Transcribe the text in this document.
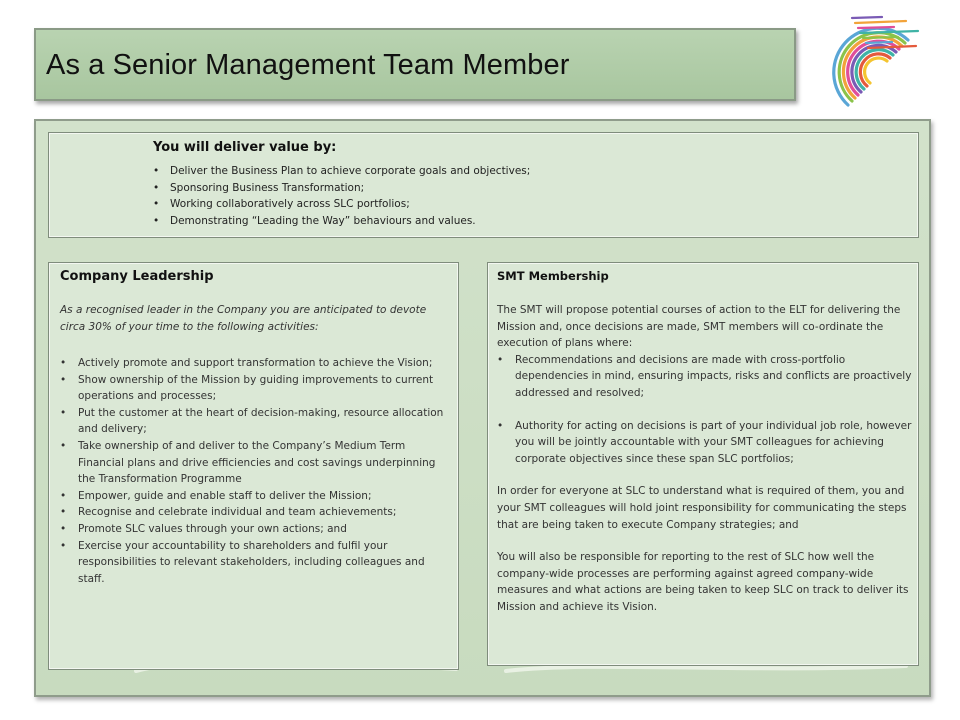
As a Senior Management Team Member
You will deliver value by:
• Deliver the Business Plan to achieve corporate goals and objectives;
• Sponsoring Business Transformation;
• Working collaboratively across SLC portfolios;
• Demonstrating “Leading the Way” behaviours and values.
Company Leadership

As a recognised leader in the Company you are anticipated to devote circa 30% of your time to the following activities:

• Actively promote and support transformation to achieve the Vision;
• Show ownership of the Mission by guiding improvements to current operations and processes;
• Put the customer at the heart of decision-making, resource allocation and delivery;
• Take ownership of and deliver to the Company’s Medium Term Financial plans and drive efficiencies and cost savings underpinning the Transformation Programme
• Empower, guide and enable staff to deliver the Mission;
• Recognise and celebrate individual and team achievements;
• Promote SLC values through your own actions; and
• Exercise your accountability to shareholders and fulfil your responsibilities to relevant stakeholders, including colleagues and staff.
SMT Membership

The SMT will propose potential courses of action to the ELT for delivering the Mission and, once decisions are made, SMT members will co-ordinate the execution of plans where:

• Recommendations and decisions are made with cross-portfolio dependencies in mind, ensuring impacts, risks and conflicts are proactively addressed and resolved;
• Authority for acting on decisions is part of your individual job role, however you will be jointly accountable with your SMT colleagues for achieving corporate objectives since these span SLC portfolios;

In order for everyone at SLC to understand what is required of them, you and your SMT colleagues will hold joint responsibility for communicating the steps that are being taken to execute Company strategies; and

You will also be responsible for reporting to the rest of SLC how well the company-wide processes are performing against agreed company-wide measures and what actions are being taken to keep SLC on track to deliver its Mission and achieve its Vision.
